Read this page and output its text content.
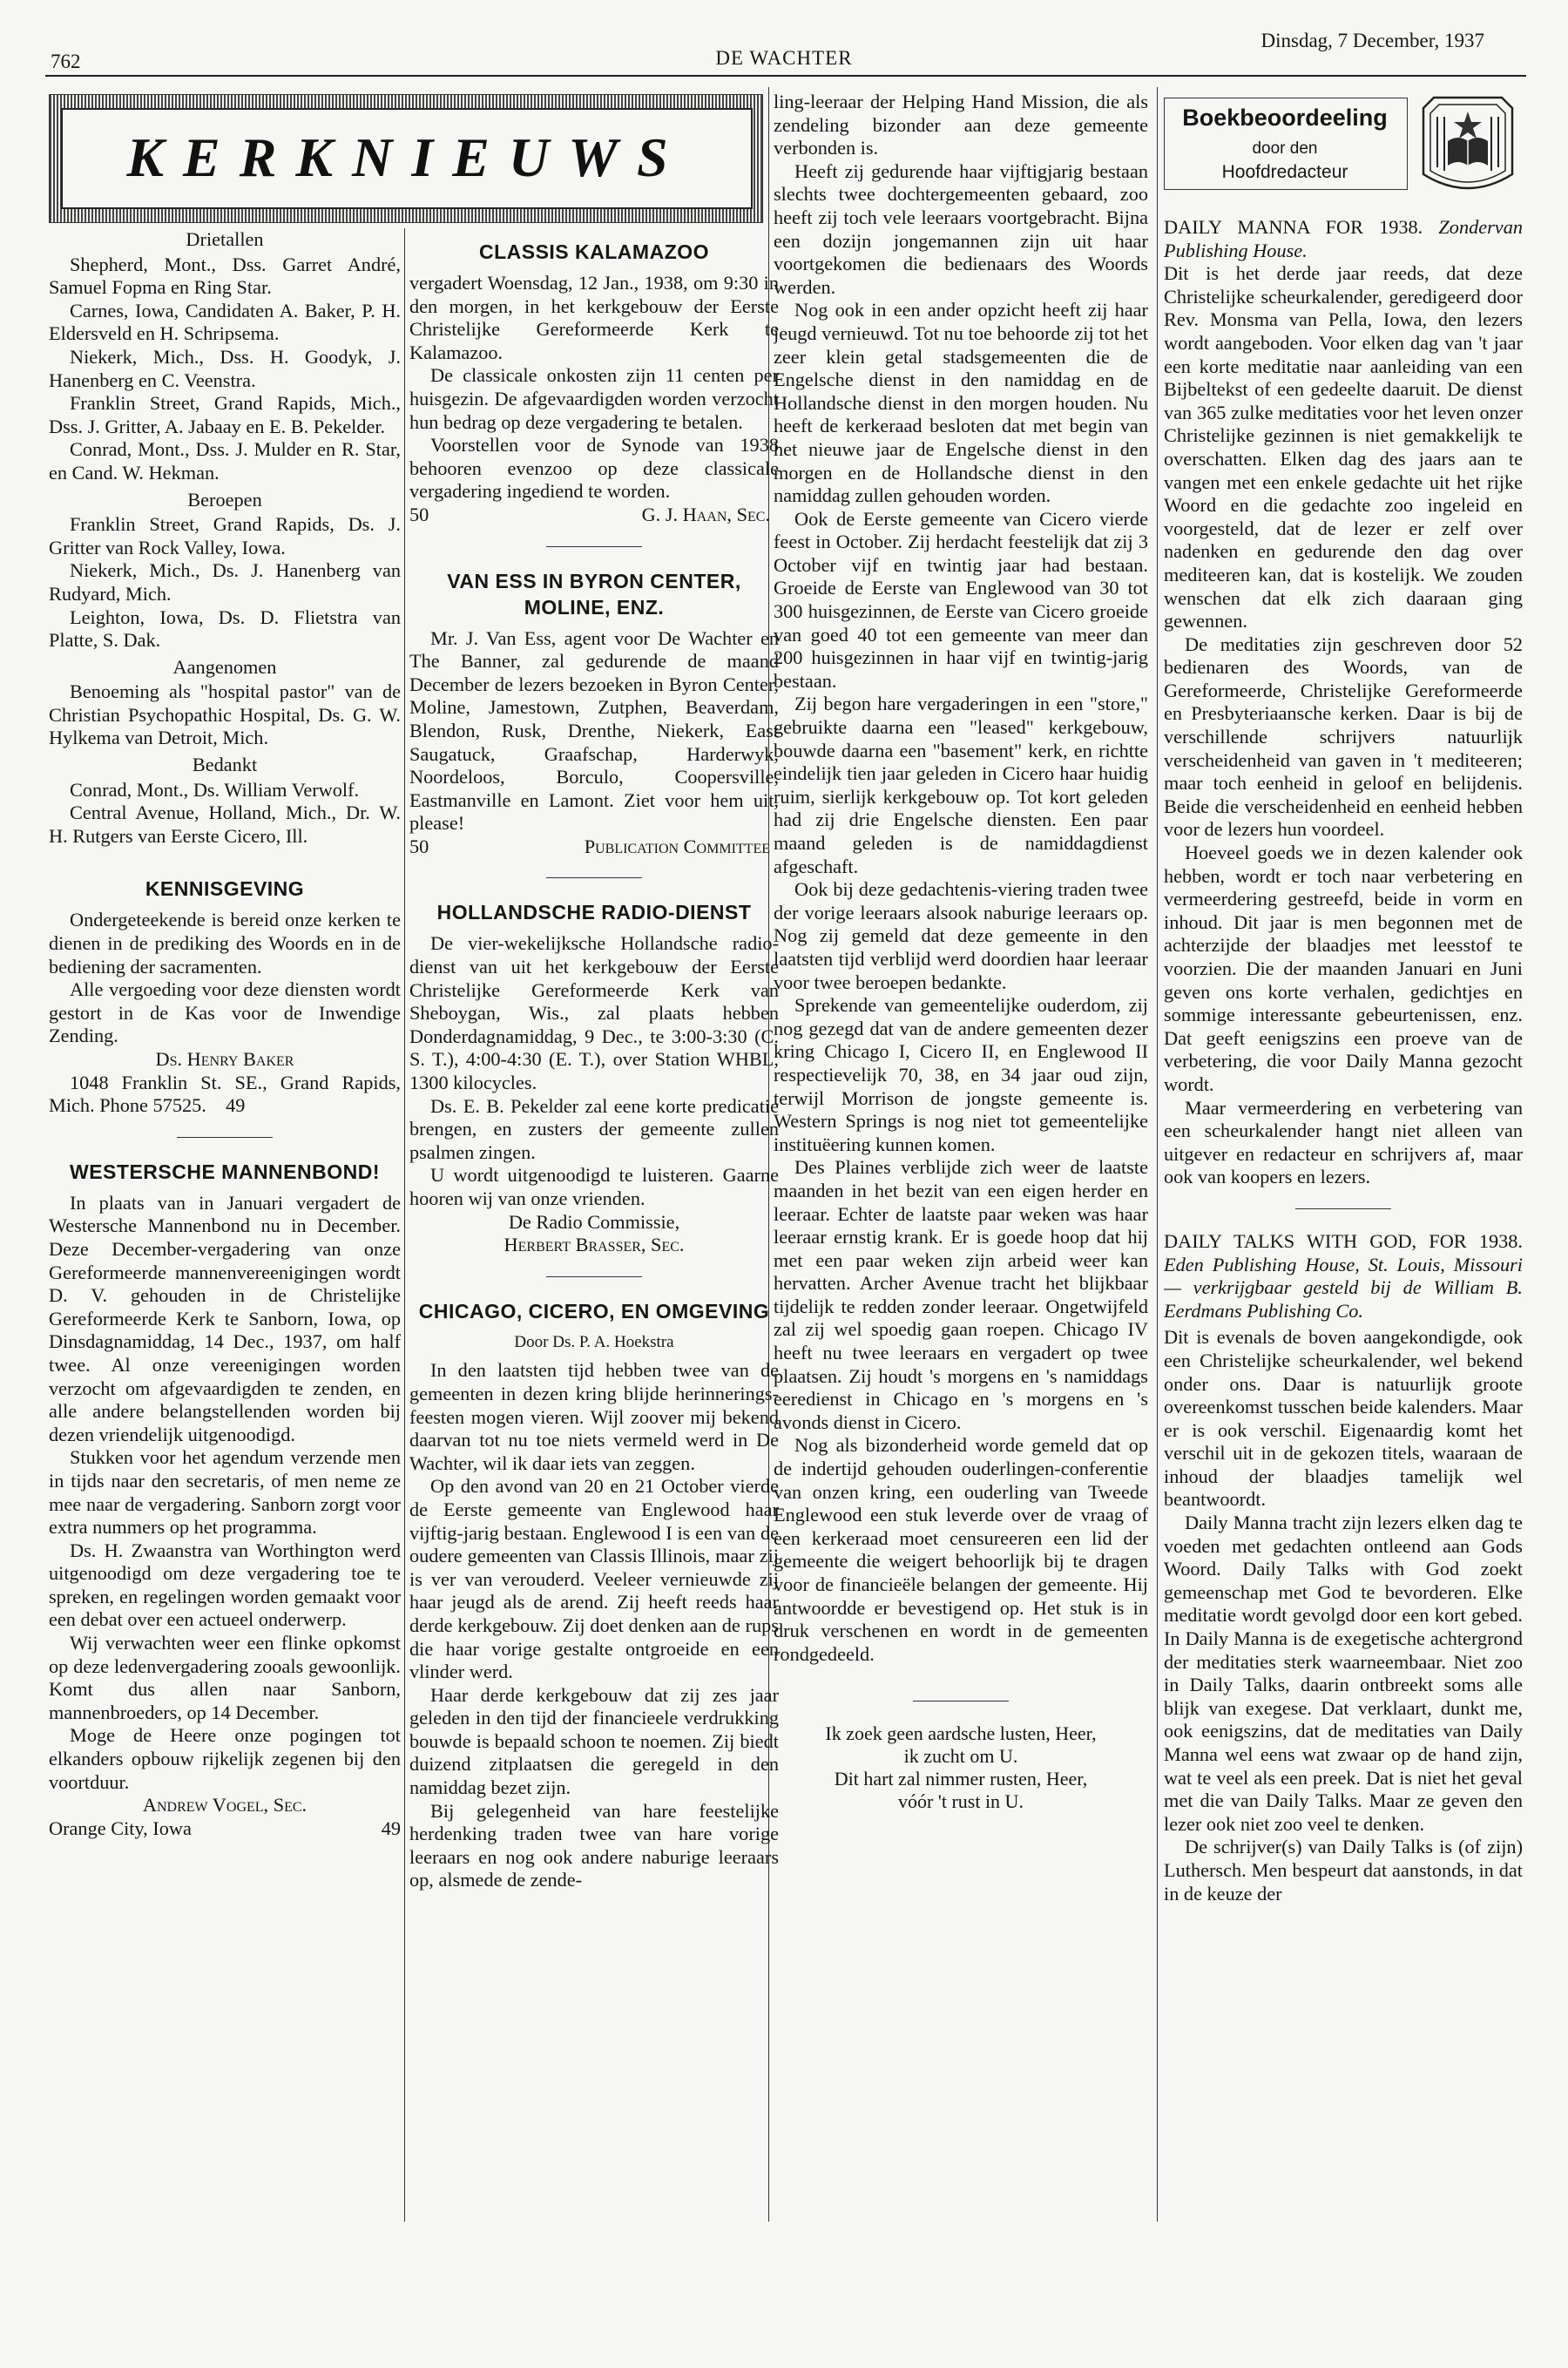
762	DE WACHTER
Dinsdag, 7 December, 1937
KERKNIEUWS
Drietallen

Shepherd, Mont., Dss. Garret André, Samuel Fopma en Ring Star.

Carnes, Iowa, Candidaten A. Baker, P. H. Eldersveld en H. Schripsema.

Niekerk, Mich., Dss. H. Goodyk, J. Hanenberg en C. Veenstra.

Franklin Street, Grand Rapids, Mich., Dss. J. Gritter, A. Jabaay en E. B. Pekelder.

Conrad, Mont., Dss. J. Mulder en R. Star, en Cand. W. Hekman.

Beroepen

Franklin Street, Grand Rapids, Ds. J. Gritter van Rock Valley, Iowa.

Niekerk, Mich., Ds. J. Hanenberg van Rudyard, Mich.

Leighton, Iowa, Ds. D. Flietstra van Platte, S. Dak.

Aangenomen

Benoeming als "hospital pastor" van de Christian Psychopathic Hospital, Ds. G. W. Hylkema van Detroit, Mich.

Bedankt

Conrad, Mont., Ds. William Verwolf.

Central Avenue, Holland, Mich., Dr. W. H. Rutgers van Eerste Cicero, Ill.

KENNISGEVING

Ondergeteekende is bereid onze kerken te dienen in de prediking des Woords en in de bediening der sacramenten.

Alle vergoeding voor deze diensten wordt gestort in de Kas voor de Inwendige Zending.

Ds. Henry Baker

1048 Franklin St. SE., Grand Rapids, Mich. Phone 57525. 49

WESTERSCHE MANNENBOND!

In plaats van in Januari vergadert de Westersche Mannenbond nu in December. Deze December-vergadering van onze Gereformeerde mannenvereenigingen wordt D. V. gehouden in de Christelijke Gereformeerde Kerk te Sanborn, Iowa, op Dinsdagnamiddag, 14 Dec., 1937, om half twee. Al onze vereenigingen worden verzocht om afgevaardigden te zenden, en alle andere belangstellenden worden bij dezen vriendelijk uitgenoodigd.

Stukken voor het agendum verzende men in tijds naar den secretaris, of men neme ze mee naar de vergadering. Sanborn zorgt voor extra nummers op het programma.

Ds. H. Zwaanstra van Worthington werd uitgenoodigd om deze vergadering toe te spreken, en regelingen worden gemaakt voor een debat over een actueel onderwerp.

Wij verwachten weer een flinke opkomst op deze ledenvergadering zooals gewoonlijk. Komt dus allen naar Sanborn, mannenbroeders, op 14 December.

Moge de Heere onze pogingen tot elkanders opbouw rijkelijk zegenen bij den voortduur.

Andrew Vogel, Sec.
Orange City, Iowa	49
CLASSIS KALAMAZOO

vergadert Woensdag, 12 Jan., 1938, om 9:30 in den morgen, in het kerkgebouw der Eerste Christelijke Gereformeerde Kerk te Kalamazoo.

De classicale onkosten zijn 11 centen per huisgezin. De afgevaardigden worden verzocht hun bedrag op deze vergadering te betalen.

Voorstellen voor de Synode van 1938 behooren evenzoo op deze classicale vergadering ingediend te worden.

50	G. J. Haan, Sec.
VAN ESS IN BYRON CENTER, MOLINE, ENZ.

Mr. J. Van Ess, agent voor De Wachter en The Banner, zal gedurende de maand December de lezers bezoeken in Byron Center, Moline, Jamestown, Zutphen, Beaverdam, Blendon, Rusk, Drenthe, Niekerk, East Saugatuck, Graafschap, Harderwyk, Noordeloos, Borculo, Coopersville, Eastmanville en Lamont. Ziet voor hem uit, please!

50	Publication Committee
HOLLANDSCHE RADIO-DIENST

De vier-wekelijksche Hollandsche radio-dienst van uit het kerkgebouw der Eerste Christelijke Gereformeerde Kerk van Sheboygan, Wis., zal plaats hebben Donderdagnamiddag, 9 Dec., te 3:00-3:30 (C. S. T.), 4:00-4:30 (E. T.), over Station WHBL, 1300 kilocycles.

Ds. E. B. Pekelder zal eene korte predicatie brengen, en zusters der gemeente zullen psalmen zingen.

U wordt uitgenoodigd te luisteren. Gaarne hooren wij van onze vrienden.

De Radio Commissie,
Herbert Brasser, Sec.
CHICAGO, CICERO, EN OMGEVING
Door Ds. P. A. Hoekstra

In den laatsten tijd hebben twee van de gemeenten in dezen kring blijde herinnerings-feesten mogen vieren. Wijl zoover mij bekend daarvan tot nu toe niets vermeld werd in De Wachter, wil ik daar iets van zeggen.

Op den avond van 20 en 21 October vierde de Eerste gemeente van Englewood haar vijftig-jarig bestaan. Englewood I is een van de oudere gemeenten van Classis Illinois, maar zij is ver van verouderd. Veeleer vernieuwde zij haar jeugd als de arend. Zij heeft reeds haar derde kerkgebouw. Zij doet denken aan de rups die haar vorige gestalte ontgroeide en een vlinder werd.

Haar derde kerkgebouw dat zij zes jaar geleden in den tijd der financieele verdrukking bouwde is bepaald schoon te noemen. Zij biedt duizend zitplaatsen die geregeld in den namiddag bezet zijn.

Bij gelegenheid van hare feestelijke herdenking traden twee van hare vorige leeraars en nog ook andere naburige leeraars op, alsmede de zende-

ling-leeraar der Helping Hand Mission, die als zendeling bizonder aan deze gemeente verbonden is.

Heeft zij gedurende haar vijftigjarig bestaan slechts twee dochtergemeenten gebaard, zoo heeft zij toch vele leeraars voortgebracht. Bijna een dozijn jongemannen zijn uit haar voortgekomen die bedienaars des Woords werden.

Nog ook in een ander opzicht heeft zij haar jeugd vernieuwd. Tot nu toe behoorde zij tot het zeer klein getal stadsgemeenten die de Engelsche dienst in den namiddag en de Hollandsche dienst in den morgen houden. Nu heeft de kerkeraad besloten dat met begin van het nieuwe jaar de Engelsche dienst in den morgen en de Hollandsche dienst in den namiddag zullen gehouden worden.

Ook de Eerste gemeente van Cicero vierde feest in October. Zij herdacht feestelijk dat zij 3 October vijf en twintig jaar had bestaan. Groeide de Eerste van Englewood van 30 tot 300 huisgezinnen, de Eerste van Cicero groeide van goed 40 tot een gemeente van meer dan 200 huisgezinnen in haar vijf en twintig-jarig bestaan.

Zij begon hare vergaderingen in een "store," gebruikte daarna een "leased" kerkgebouw, bouwde daarna een "basement" kerk, en richtte eindelijk tien jaar geleden in Cicero haar huidig ruim, sierlijk kerkgebouw op. Tot kort geleden had zij drie Engelsche diensten. Een paar maand geleden is de namiddagdienst afgeschaft.

Ook bij deze gedachtenis-viering traden twee der vorige leeraars alsook naburige leeraars op. Nog zij gemeld dat deze gemeente in den laatsten tijd verblijd werd doordien haar leeraar voor twee beroepen bedankte.

Sprekende van gemeentelijke ouderdom, zij nog gezegd dat van de andere gemeenten dezer kring Chicago I, Cicero II, en Englewood II respectievelijk 70, 38, en 34 jaar oud zijn, terwijl Morrison de jongste gemeente is. Western Springs is nog niet tot gemeentelijke instituëering kunnen komen.

Des Plaines verblijde zich weer de laatste maanden in het bezit van een eigen herder en leeraar. Echter de laatste paar weken was haar leeraar ernstig krank. Er is goede hoop dat hij met een paar weken zijn arbeid weer kan hervatten. Archer Avenue tracht het blijkbaar tijdelijk te redden zonder leeraar. Ongetwijfeld zal zij wel spoedig gaan roepen. Chicago IV heeft nu twee leeraars en vergadert op twee plaatsen. Zij houdt 's morgens en 's namiddags eeredienst in Chicago en 's morgens en 's avonds dienst in Cicero.

Nog als bizonderheid worde gemeld dat op de indertijd gehouden ouderlingen-conferentie van onzen kring, een ouderling van Tweede Englewood een stuk leverde over de vraag of een kerkeraad moet censureeren een lid der gemeente die weigert behoorlijk bij te dragen voor de financieële belangen der gemeente. Hij antwoordde er bevestigend op. Het stuk is in druk verschenen en wordt in de gemeenten rondgedeeld.

Ik zoek geen aardsche lusten, Heer,
ik zucht om U.
Dit hart zal nimmer rusten, Heer,
vóór 't rust in U.
Boekbeoordeeling
door den
Hoofdredacteur

DAILY MANNA FOR 1938. Zondervan Publishing House.

Dit is het derde jaar reeds, dat deze Christelijke scheurkalender, geredigeerd door Rev. Monsma van Pella, Iowa, den lezers wordt aangeboden. Voor elken dag van 't jaar een korte meditatie naar aanleiding van een Bijbeltekst of een gedeelte daaruit. De dienst van 365 zulke meditaties voor het leven onzer Christelijke gezinnen is niet gemakkelijk te overschatten. Elken dag des jaars aan te vangen met een enkele gedachte uit het rijke Woord en die gedachte zoo ingeleid en voorgesteld, dat de lezer er zelf over nadenken en gedurende den dag over mediteeren kan, dat is kostelijk. We zouden wenschen dat elk zich daaraan ging gewennen.

De meditaties zijn geschreven door 52 bedienaren des Woords, van de Gereformeerde, Christelijke Gereformeerde en Presbyteriaansche kerken. Daar is bij de verschillende schrijvers natuurlijk verscheidenheid van gaven in 't mediteeren; maar toch eenheid in geloof en belijdenis. Beide die verscheidenheid en eenheid hebben voor de lezers hun voordeel.

Hoeveel goeds we in dezen kalender ook hebben, wordt er toch naar verbetering en vermeerdering gestreefd, beide in vorm en inhoud. Dit jaar is men begonnen met de achterzijde der blaadjes met leesstof te voorzien. Die der maanden Januari en Juni geven ons korte verhalen, gedichtjes en sommige interessante gebeurtenissen, enz. Dat geeft eenigszins een proeve van de verbetering, die voor Daily Manna gezocht wordt.

Maar vermeerdering en verbetering van een scheurkalender hangt niet alleen van uitgever en redacteur en schrijvers af, maar ook van koopers en lezers.

DAILY TALKS WITH GOD, FOR 1938. Eden Publishing House, St. Louis, Missouri — verkrijgbaar gesteld bij de William B. Eerdmans Publishing Co.

Dit is evenals de boven aangekondigde, ook een Christelijke scheurkalender, wel bekend onder ons. Daar is natuurlijk groote overeenkomst tusschen beide kalenders. Maar er is ook verschil. Eigenaardig komt het verschil uit in de gekozen titels, waaraan de inhoud der blaadjes tamelijk wel beantwoordt.

Daily Manna tracht zijn lezers elken dag te voeden met gedachten ontleend aan Gods Woord. Daily Talks with God zoekt gemeenschap met God te bevorderen. Elke meditatie wordt gevolgd door een kort gebed. In Daily Manna is de exegetische achtergrond der meditaties sterk waarneembaar. Niet zoo in Daily Talks, daarin ontbreekt soms alle blijk van exegese. Dat verklaart, dunkt me, ook eenigszins, dat de meditaties van Daily Manna wel eens wat zwaar op de hand zijn, wat te veel als een preek. Dat is niet het geval met die van Daily Talks. Maar ze geven den lezer ook niet zoo veel te denken.

De schrijver(s) van Daily Talks is (of zijn) Luthersch. Men bespeurt dat aanstonds, in dat in de keuze der
